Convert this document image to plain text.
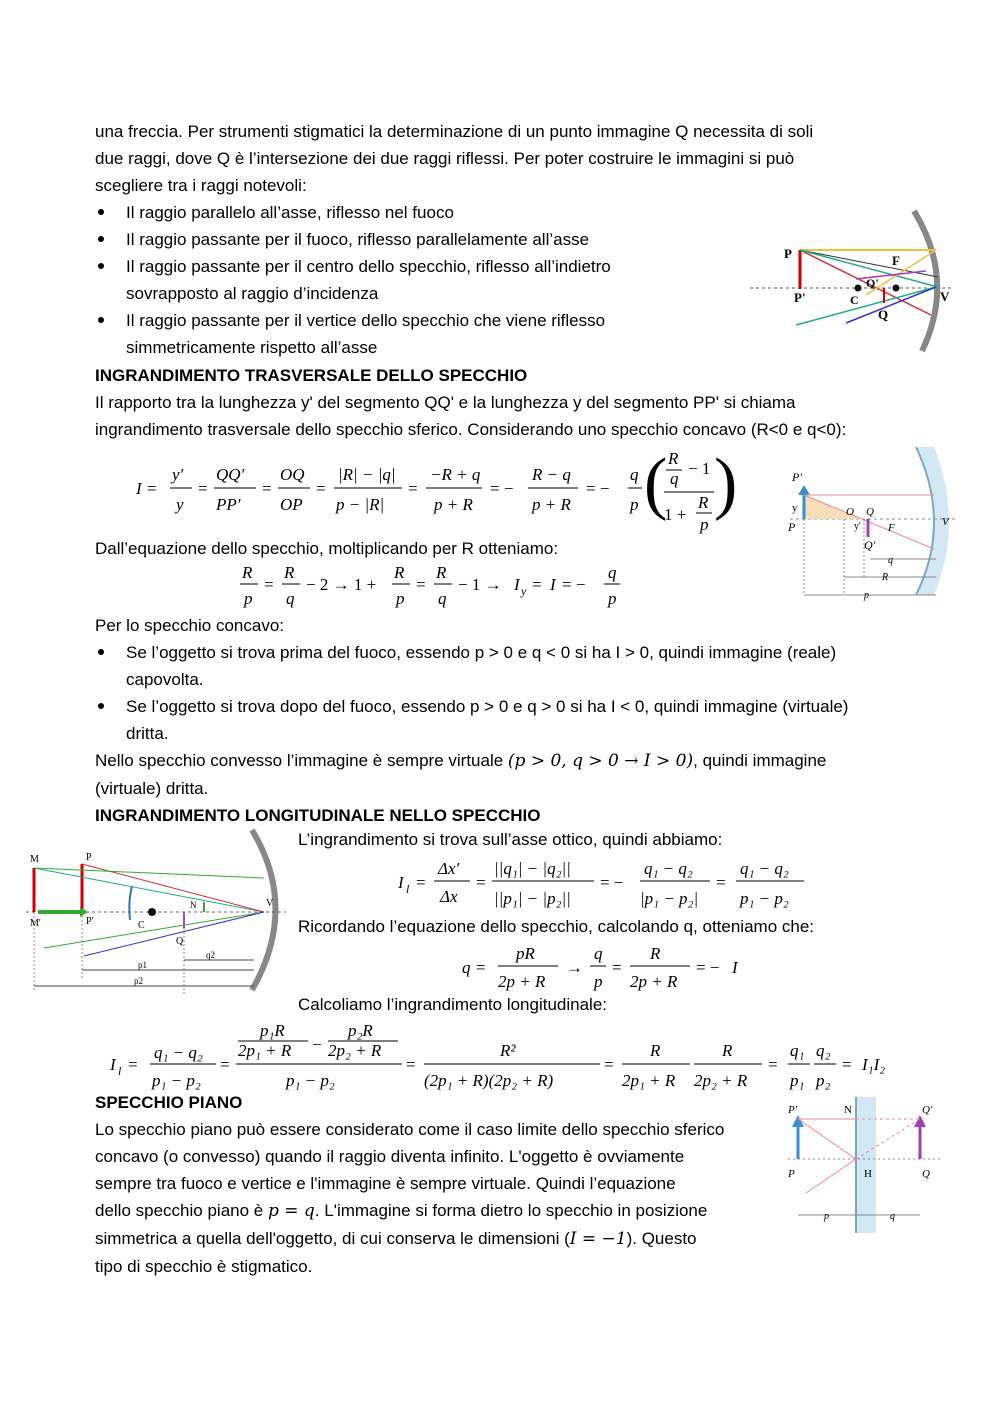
una freccia. Per strumenti stigmatici la determinazione di un punto immagine Q necessita di soli

due raggi, dove Q è l’intersezione dei due raggi riflessi. Per poter costruire le immagini si può

scegliere tra i raggi notevoli:

Il raggio parallelo all’asse, riflesso nel fuoco
Il raggio passante per il fuoco, riflesso parallelamente all’asse
Il raggio passante per il centro dello specchio, riflesso all’indietro
sovrapposto al raggio d’incidenza
Il raggio passante per il vertice dello specchio che viene riflesso
simmetricamente rispetto all’asse
P	F
P'	C
Q'
V
Q

INGRANDIMENTO TRASVERSALE DELLO SPECCHIO

Il rapporto tra la lunghezza y' del segmento QQ' e la lunghezza y del segmento PP' si chiama

ingrandimento trasversale dello specchio sferico. Considerando uno specchio concavo (R<0 e q<0):

I =
y′
y
=
QQ′
PP′
=
OQ
OP
=
|R| − |q|
p − |R|
=
−R + q
p + R
= −
R − q
p + R
= −
q
p ( R
q
− 1
1 +
R
p
)	P'
y
P
O Q
F	V
y'
Q'
q
R
p

Dall’equazione dello specchio, moltiplicando per R otteniamo:

R
p
=
R
q
− 2 → 1 +
R
p
=
R
q
− 1 → I y = I = −
q
p

Per lo specchio concavo:

Se l’oggetto si trova prima del fuoco, essendo p > 0 e q < 0 si ha I > 0, quindi immagine (reale)
capovolta.
Se l’oggetto si trova dopo del fuoco, essendo p > 0 e q > 0 si ha I < 0, quindi immagine (virtuale)
dritta.

Nello specchio convesso l’immagine è sempre virtuale (p > 0, q > 0 → I > 0), quindi immagine

(virtuale) dritta.

INGRANDIMENTO LONGITUDINALE NELLO SPECCHIO

M	P
M'	P'	C
Q
N	V
p1
p2
q2

L’ingrandimento si trova sull’asse ottico, quindi abbiamo:

I l =
Δx′
Δx
=
||q₁| − |q₂||
||p₁| − |p₂||
= −
q₁ − q₂
|p₁ − p₂|
=
q₁ − q₂
p₁ − p₂

Ricordando l’equazione dello specchio, calcolando q, otteniamo che:

q =
pR
2p + R
→
q
p
=
R
2p + R
= − I

Calcoliamo l’ingrandimento longitudinale:

I l =
q₁ − q₂
p₁ − p₂
=
p₁R
2p₁ + R −
p₂R
2p₂ + R
p₁ − p₂
=
R²
(2p₁ + R)(2p₂ + R)
=
R
2p₁ + R
R
2p₂ + R
=
q₁
p₁
q₂
p₂
= I₁I₂

SPECCHIO PIANO

Lo specchio piano può essere considerato come il caso limite dello specchio sferico

concavo (o convesso) quando il raggio diventa infinito. L'oggetto è ovviamente

sempre tra fuoco e vertice e l'immagine è sempre virtuale. Quindi l’equazione

dello specchio piano è p = q. L'immagine si forma dietro lo specchio in posizione

simmetrica a quella dell'oggetto, di cui conserva le dimensioni (I = −1). Questo

tipo di specchio è stigmatico.

P'	N	Q'
P	H	Q
p	q
